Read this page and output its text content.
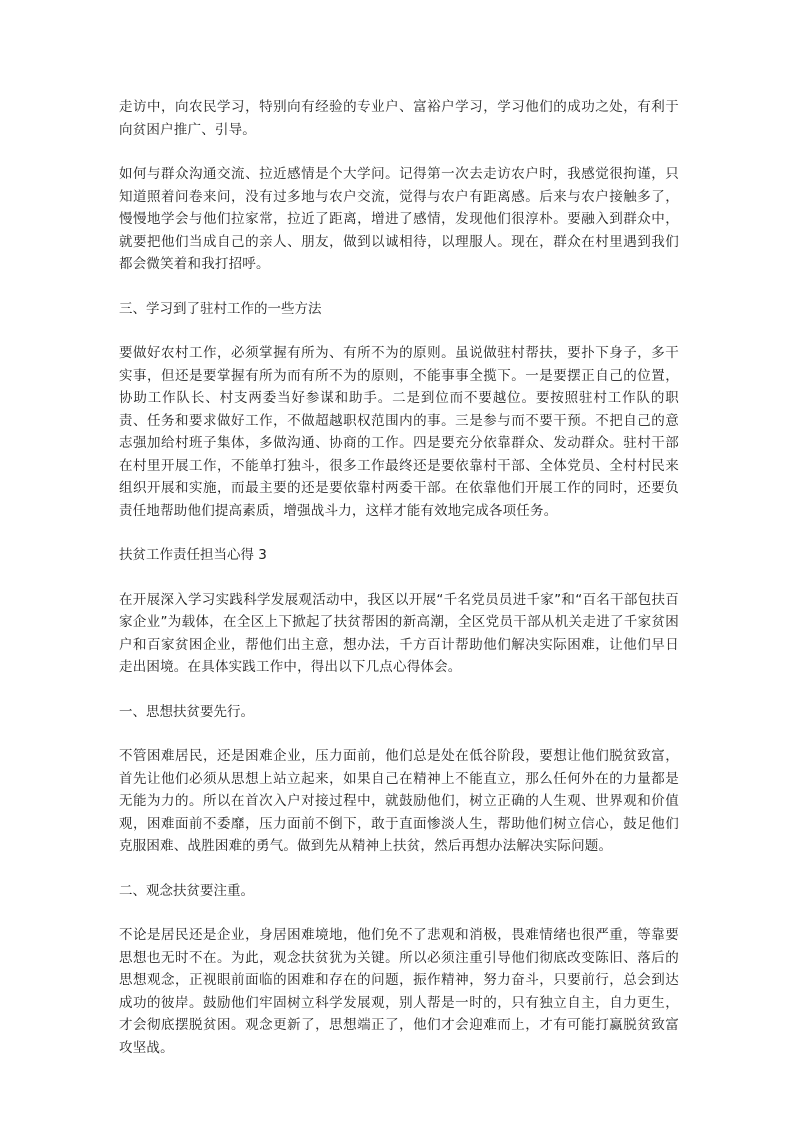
走访中，向农民学习，特别向有经验的专业户、富裕户学习，学习他们的成功之处，有利于向贫困户推广、引导。

如何与群众沟通交流、拉近感情是个大学问。记得第一次去走访农户时，我感觉很拘谨，只知道照着问卷来问，没有过多地与农户交流，觉得与农户有距离感。后来与农户接触多了，慢慢地学会与他们拉家常，拉近了距离，增进了感情，发现他们很淳朴。要融入到群众中，就要把他们当成自己的亲人、朋友，做到以诚相待，以理服人。现在，群众在村里遇到我们都会微笑着和我打招呼。

三、学习到了驻村工作的一些方法

要做好农村工作，必须掌握有所为、有所不为的原则。虽说做驻村帮扶，要扑下身子，多干实事，但还是要掌握有所为而有所不为的原则，不能事事全揽下。一是要摆正自己的位置，协助工作队长、村支两委当好参谋和助手。二是到位而不要越位。要按照驻村工作队的职责、任务和要求做好工作，不做超越职权范围内的事。三是参与而不要干预。不把自己的意志强加给村班子集体，多做沟通、协商的工作。四是要充分依靠群众、发动群众。驻村干部在村里开展工作，不能单打独斗，很多工作最终还是要依靠村干部、全体党员、全村村民来组织开展和实施，而最主要的还是要依靠村两委干部。在依靠他们开展工作的同时，还要负责任地帮助他们提高素质，增强战斗力，这样才能有效地完成各项任务。

扶贫工作责任担当心得 3

在开展深入学习实践科学发展观活动中，我区以开展“千名党员员进千家”和“百名干部包扶百家企业”为载体，在全区上下掀起了扶贫帮困的新高潮，全区党员干部从机关走进了千家贫困户和百家贫困企业，帮他们出主意，想办法，千方百计帮助他们解决实际困难，让他们早日走出困境。在具体实践工作中，得出以下几点心得体会。

一、思想扶贫要先行。

不管困难居民，还是困难企业，压力面前，他们总是处在低谷阶段，要想让他们脱贫致富，首先让他们必须从思想上站立起来，如果自己在精神上不能直立，那么任何外在的力量都是无能为力的。所以在首次入户对接过程中，就鼓励他们，树立正确的人生观、世界观和价值观，困难面前不委靡，压力面前不倒下，敢于直面惨淡人生，帮助他们树立信心，鼓足他们克服困难、战胜困难的勇气。做到先从精神上扶贫，然后再想办法解决实际问题。

二、观念扶贫要注重。

不论是居民还是企业，身居困难境地，他们免不了悲观和消极，畏难情绪也很严重，等靠要思想也无时不在。为此，观念扶贫犹为关键。所以必须注重引导他们彻底改变陈旧、落后的思想观念，正视眼前面临的困难和存在的问题，振作精神，努力奋斗，只要前行，总会到达成功的彼岸。鼓励他们牢固树立科学发展观，别人帮是一时的，只有独立自主，自力更生，才会彻底摆脱贫困。观念更新了，思想端正了，他们才会迎难而上，才有可能打赢脱贫致富攻坚战。
